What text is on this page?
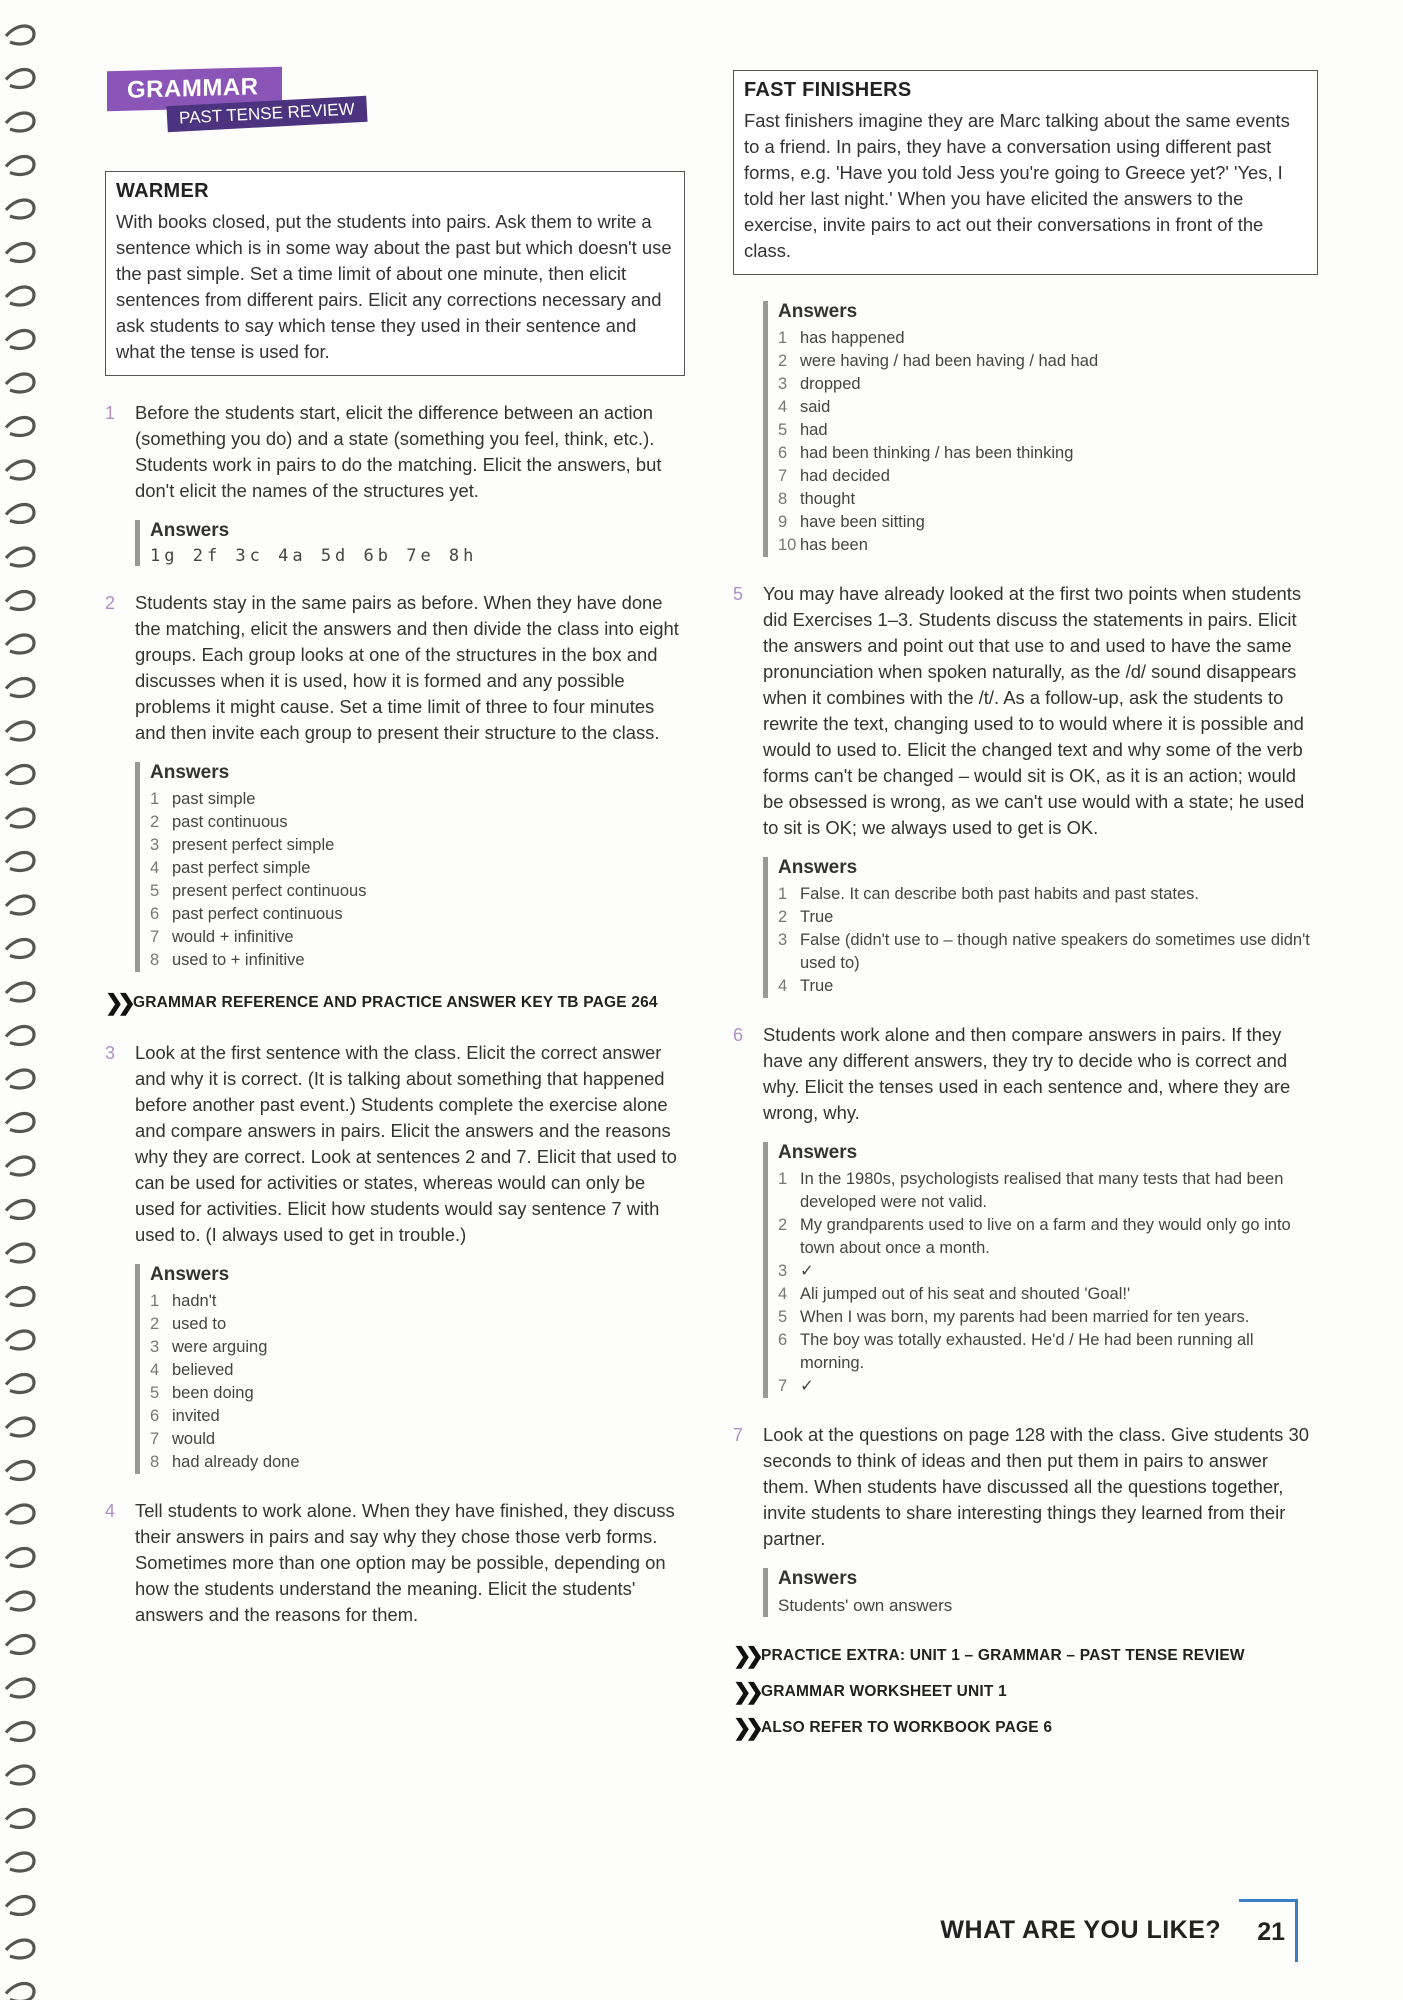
GRAMMAR
PAST TENSE REVIEW
WARMER

With books closed, put the students into pairs. Ask them to write a sentence which is in some way about the past but which doesn't use the past simple. Set a time limit of about one minute, then elicit sentences from different pairs. Elicit any corrections necessary and ask students to say which tense they used in their sentence and what the tense is used for.

1	Before the students start, elicit the difference between an action (something you do) and a state (something you feel, think, etc.). Students work in pairs to do the matching. Elicit the answers, but don't elicit the names of the structures yet.
Answers
1g 2f 3c 4a 5d 6b 7e 8h
2	Students stay in the same pairs as before. When they have done the matching, elicit the answers and then divide the class into eight groups. Each group looks at one of the structures in the box and discusses when it is used, how it is formed and any possible problems it might cause. Set a time limit of three to four minutes and then invite each group to present their structure to the class.
Answers
1 past simple
2 past continuous
3 present perfect simple
4 past perfect simple
5 present perfect continuous
6 past perfect continuous
7 would + infinitive
8 used to + infinitive
❯❯ GRAMMAR REFERENCE AND PRACTICE ANSWER KEY TB PAGE 264
3	Look at the first sentence with the class. Elicit the correct answer and why it is correct. (It is talking about something that happened before another past event.) Students complete the exercise alone and compare answers in pairs. Elicit the answers and the reasons why they are correct. Look at sentences 2 and 7. Elicit that used to can be used for activities or states, whereas would can only be used for activities. Elicit how students would say sentence 7 with used to. (I always used to get in trouble.)
Answers
1 hadn't
2 used to
3 were arguing
4 believed
5 been doing
6 invited
7 would
8 had already done
4	Tell students to work alone. When they have finished, they discuss their answers in pairs and say why they chose those verb forms. Sometimes more than one option may be possible, depending on how the students understand the meaning. Elicit the students' answers and the reasons for them.
FAST FINISHERS

Fast finishers imagine they are Marc talking about the same events to a friend. In pairs, they have a conversation using different past forms, e.g. 'Have you told Jess you're going to Greece yet?' 'Yes, I told her last night.' When you have elicited the answers to the exercise, invite pairs to act out their conversations in front of the class.

Answers
1 has happened
2 were having / had been having / had had
3 dropped
4 said
5 had
6 had been thinking / has been thinking
7 had decided
8 thought
9 have been sitting
10 has been
5	You may have already looked at the first two points when students did Exercises 1–3. Students discuss the statements in pairs. Elicit the answers and point out that use to and used to have the same pronunciation when spoken naturally, as the /d/ sound disappears when it combines with the /t/. As a follow-up, ask the students to rewrite the text, changing used to to would where it is possible and would to used to. Elicit the changed text and why some of the verb forms can't be changed – would sit is OK, as it is an action; would be obsessed is wrong, as we can't use would with a state; he used to sit is OK; we always used to get is OK.
Answers
1 False. It can describe both past habits and past states.
2 True
3 False (didn't use to – though native speakers do sometimes use didn't used to)
4 True
6	Students work alone and then compare answers in pairs. If they have any different answers, they try to decide who is correct and why. Elicit the tenses used in each sentence and, where they are wrong, why.
Answers
1 In the 1980s, psychologists realised that many tests that had been developed were not valid.
2 My grandparents used to live on a farm and they would only go into town about once a month.
3 ✓
4 Ali jumped out of his seat and shouted 'Goal!'
5 When I was born, my parents had been married for ten years.
6 The boy was totally exhausted. He'd / He had been running all morning.
7 ✓
7	Look at the questions on page 128 with the class. Give students 30 seconds to think of ideas and then put them in pairs to answer them. When students have discussed all the questions together, invite students to share interesting things they learned from their partner.
Answers
Students' own answers
❯❯ PRACTICE EXTRA: UNIT 1 – GRAMMAR – PAST TENSE REVIEW
❯❯ GRAMMAR WORKSHEET UNIT 1
❯❯ ALSO REFER TO WORKBOOK PAGE 6
WHAT ARE YOU LIKE?	21
